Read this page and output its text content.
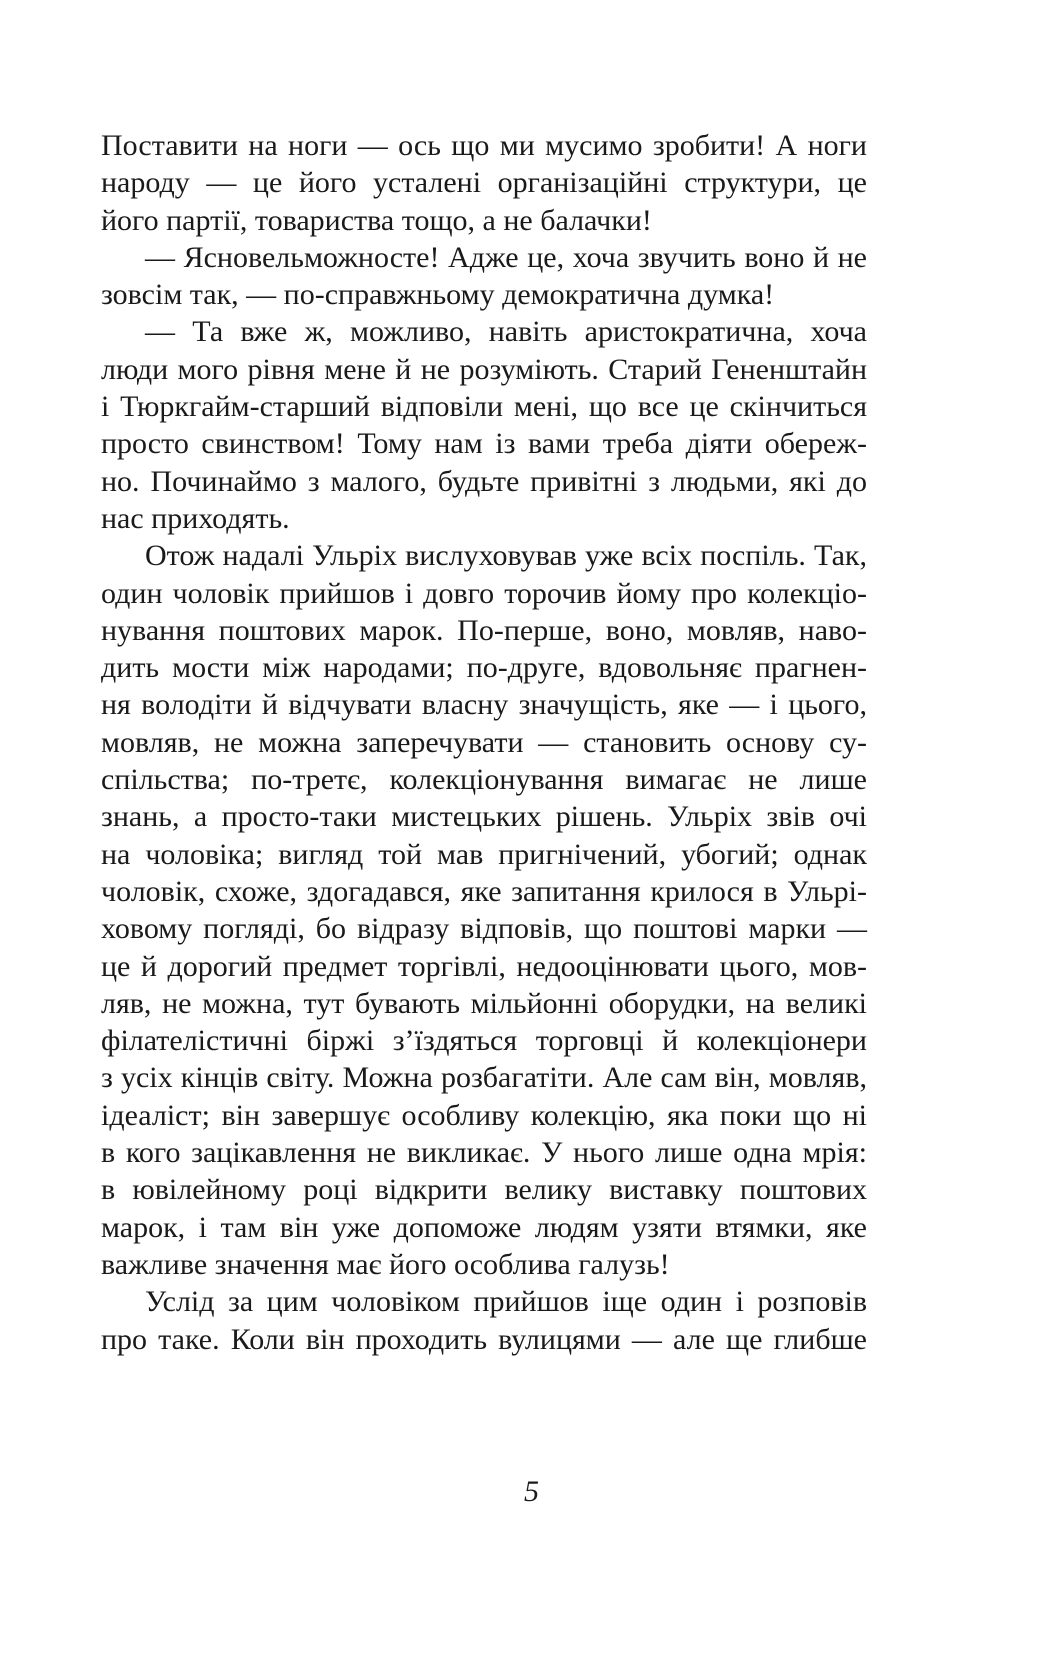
Поставити на ноги — ось що ми мусимо зробити! А ноги
народу — це його усталені організаційні структури, це
його партії, товариства тощо, а не балачки!
— Ясновельможносте! Адже це, хоча звучить воно й не
зовсім так, — по-справжньому демократична думка!
— Та вже ж, можливо, навіть аристократична, хоча
люди мого рівня мене й не розуміють. Старий Гененштайн
і Тюркгайм-старший відповіли мені, що все це скінчиться
просто свинством! Тому нам із вами треба діяти обереж-
но. Починаймо з малого, будьте привітні з людьми, які до
нас приходять.
Отож надалі Ульріх вислуховував уже всіх поспіль. Так,
один чоловік прийшов і довго торочив йому про колекціо-
нування поштових марок. По-перше, воно, мовляв, наво-
дить мости між народами; по-друге, вдовольняє прагнен-
ня володіти й відчувати власну значущість, яке — і цього,
мовляв, не можна заперечувати — становить основу су-
спільства; по-третє, колекціонування вимагає не лише
знань, а просто-таки мистецьких рішень. Ульріх звів очі
на чоловіка; вигляд той мав пригнічений, убогий; однак
чоловік, схоже, здогадався, яке запитання крилося в Ульрі-
ховому погляді, бо відразу відповів, що поштові марки —
це й дорогий предмет торгівлі, недооцінювати цього, мов-
ляв, не можна, тут бувають мільйонні оборудки, на великі
філателістичні біржі з’їздяться торговці й колекціонери
з усіх кінців світу. Можна розбагатіти. Але сам він, мовляв,
ідеаліст; він завершує особливу колекцію, яка поки що ні
в кого зацікавлення не викликає. У нього лише одна мрія:
в ювілейному році відкрити велику виставку поштових
марок, і там він уже допоможе людям узяти втямки, яке
важливе значення має його особлива галузь!
Услід за цим чоловіком прийшов іще один і розповів
про таке. Коли він проходить вулицями — але ще глибше
5
